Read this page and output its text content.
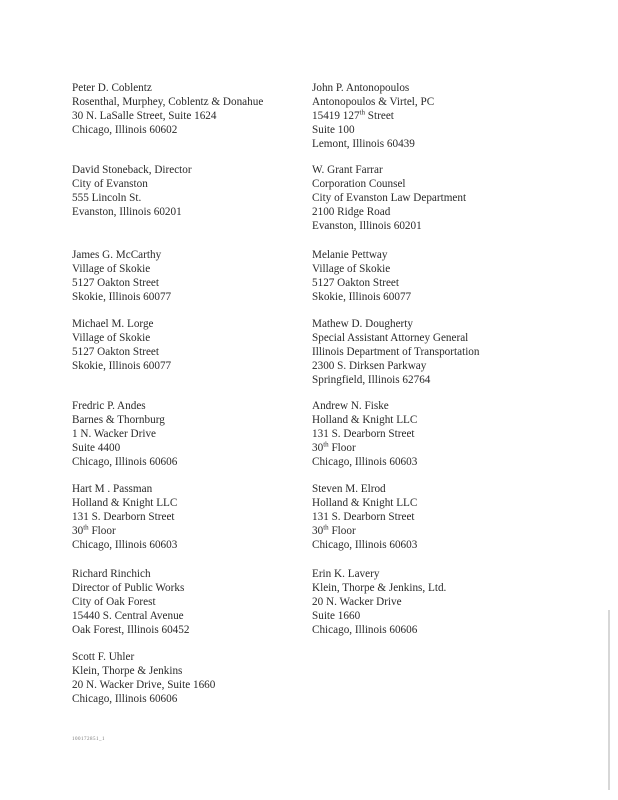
Peter D. Coblentz
Rosenthal, Murphey, Coblentz & Donahue
30 N. LaSalle Street, Suite 1624
Chicago, Illinois 60602
David Stoneback, Director
City of Evanston
555 Lincoln St.
Evanston, Illinois 60201
James G. McCarthy
Village of Skokie
5127 Oakton Street
Skokie, Illinois 60077
Michael M. Lorge
Village of Skokie
5127 Oakton Street
Skokie, Illinois 60077
Fredric P. Andes
Barnes & Thornburg
1 N. Wacker Drive
Suite 4400
Chicago, Illinois 60606
Hart M . Passman
Holland & Knight LLC
131 S. Dearborn Street
30th Floor
Chicago, Illinois 60603
Richard Rinchich
Director of Public Works
City of Oak Forest
15440 S. Central Avenue
Oak Forest, Illinois 60452
Scott F. Uhler
Klein, Thorpe & Jenkins
20 N. Wacker Drive, Suite 1660
Chicago, Illinois 60606
John P. Antonopoulos
Antonopoulos & Virtel, PC
15419 127th Street
Suite 100
Lemont, Illinois 60439
W. Grant Farrar
Corporation Counsel
City of Evanston Law Department
2100 Ridge Road
Evanston, Illinois 60201
Melanie Pettway
Village of Skokie
5127 Oakton Street
Skokie, Illinois 60077
Mathew D. Dougherty
Special Assistant Attorney General
Illinois Department of Transportation
2300 S. Dirksen Parkway
Springfield, Illinois 62764
Andrew N. Fiske
Holland & Knight LLC
131 S. Dearborn Street
30th Floor
Chicago, Illinois 60603
Steven M. Elrod
Holland & Knight LLC
131 S. Dearborn Street
30th Floor
Chicago, Illinois 60603
Erin K. Lavery
Klein, Thorpe & Jenkins, Ltd.
20 N. Wacker Drive
Suite 1660
Chicago, Illinois 60606
100172851_1
